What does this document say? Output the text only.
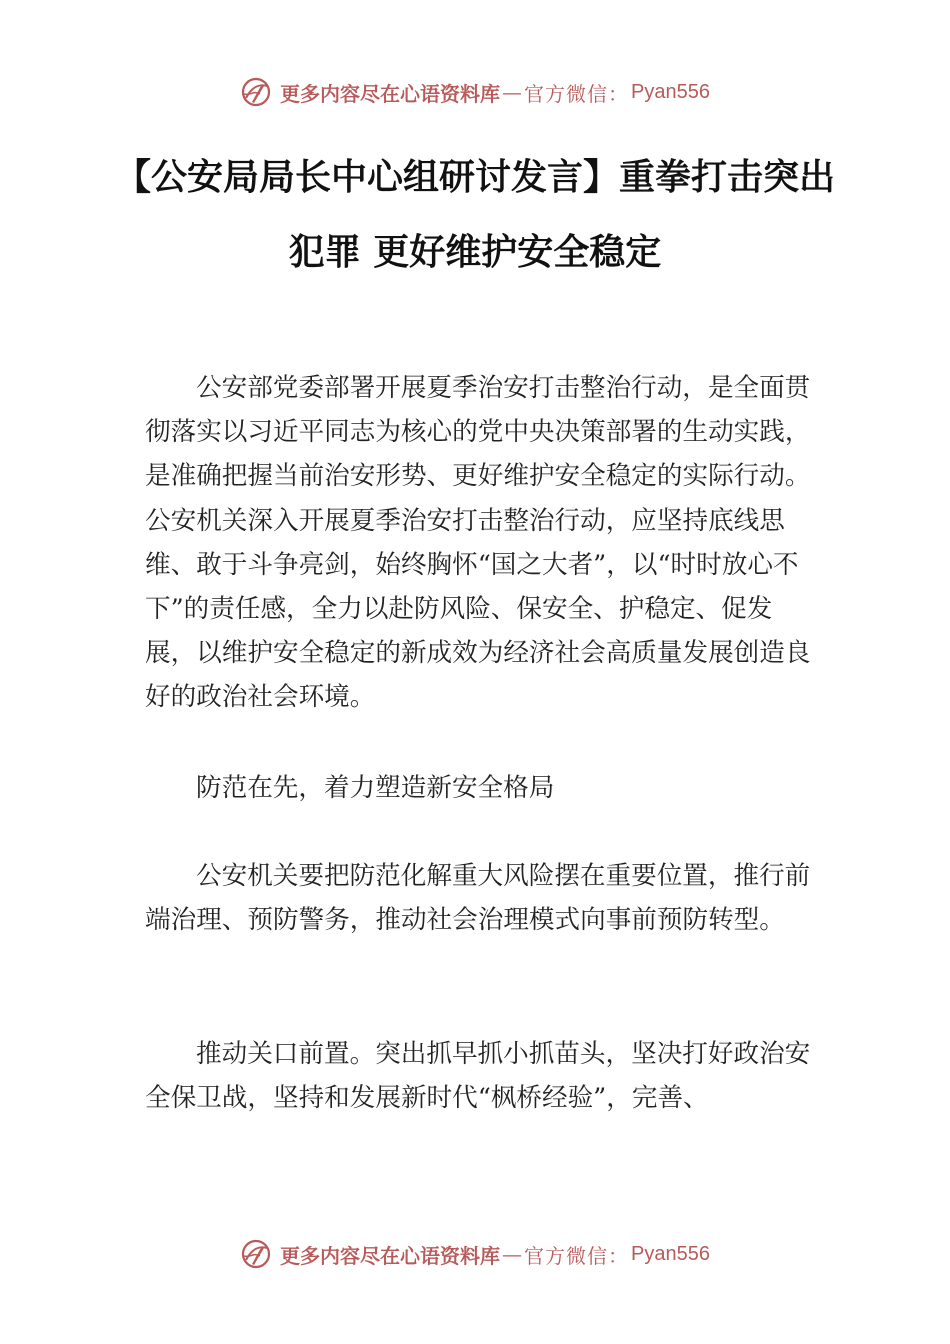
更多内容尽在心语资料库 — 官方微信： Pyan556
【公安局局长中心组研讨发言】重拳打击突出犯罪 更好维护安全稳定
公安部党委部署开展夏季治安打击整治行动，是全面贯彻落实以习近平同志为核心的党中央决策部署的生动实践，是准确把握当前治安形势、更好维护安全稳定的实际行动。公安机关深入开展夏季治安打击整治行动，应坚持底线思维、敢于斗争亮剑，始终胸怀“国之大者”，以“时时放心不下”的责任感，全力以赴防风险、保安全、护稳定、促发展，以维护安全稳定的新成效为经济社会高质量发展创造良好的政治社会环境。
防范在先，着力塑造新安全格局
公安机关要把防范化解重大风险摆在重要位置，推行前端治理、预防警务，推动社会治理模式向事前预防转型。
推动关口前置。突出抓早抓小抓苗头，坚决打好政治安全保卫战，坚持和发展新时代“枫桥经验”，完善、
更多内容尽在心语资料库 — 官方微信： Pyan556
